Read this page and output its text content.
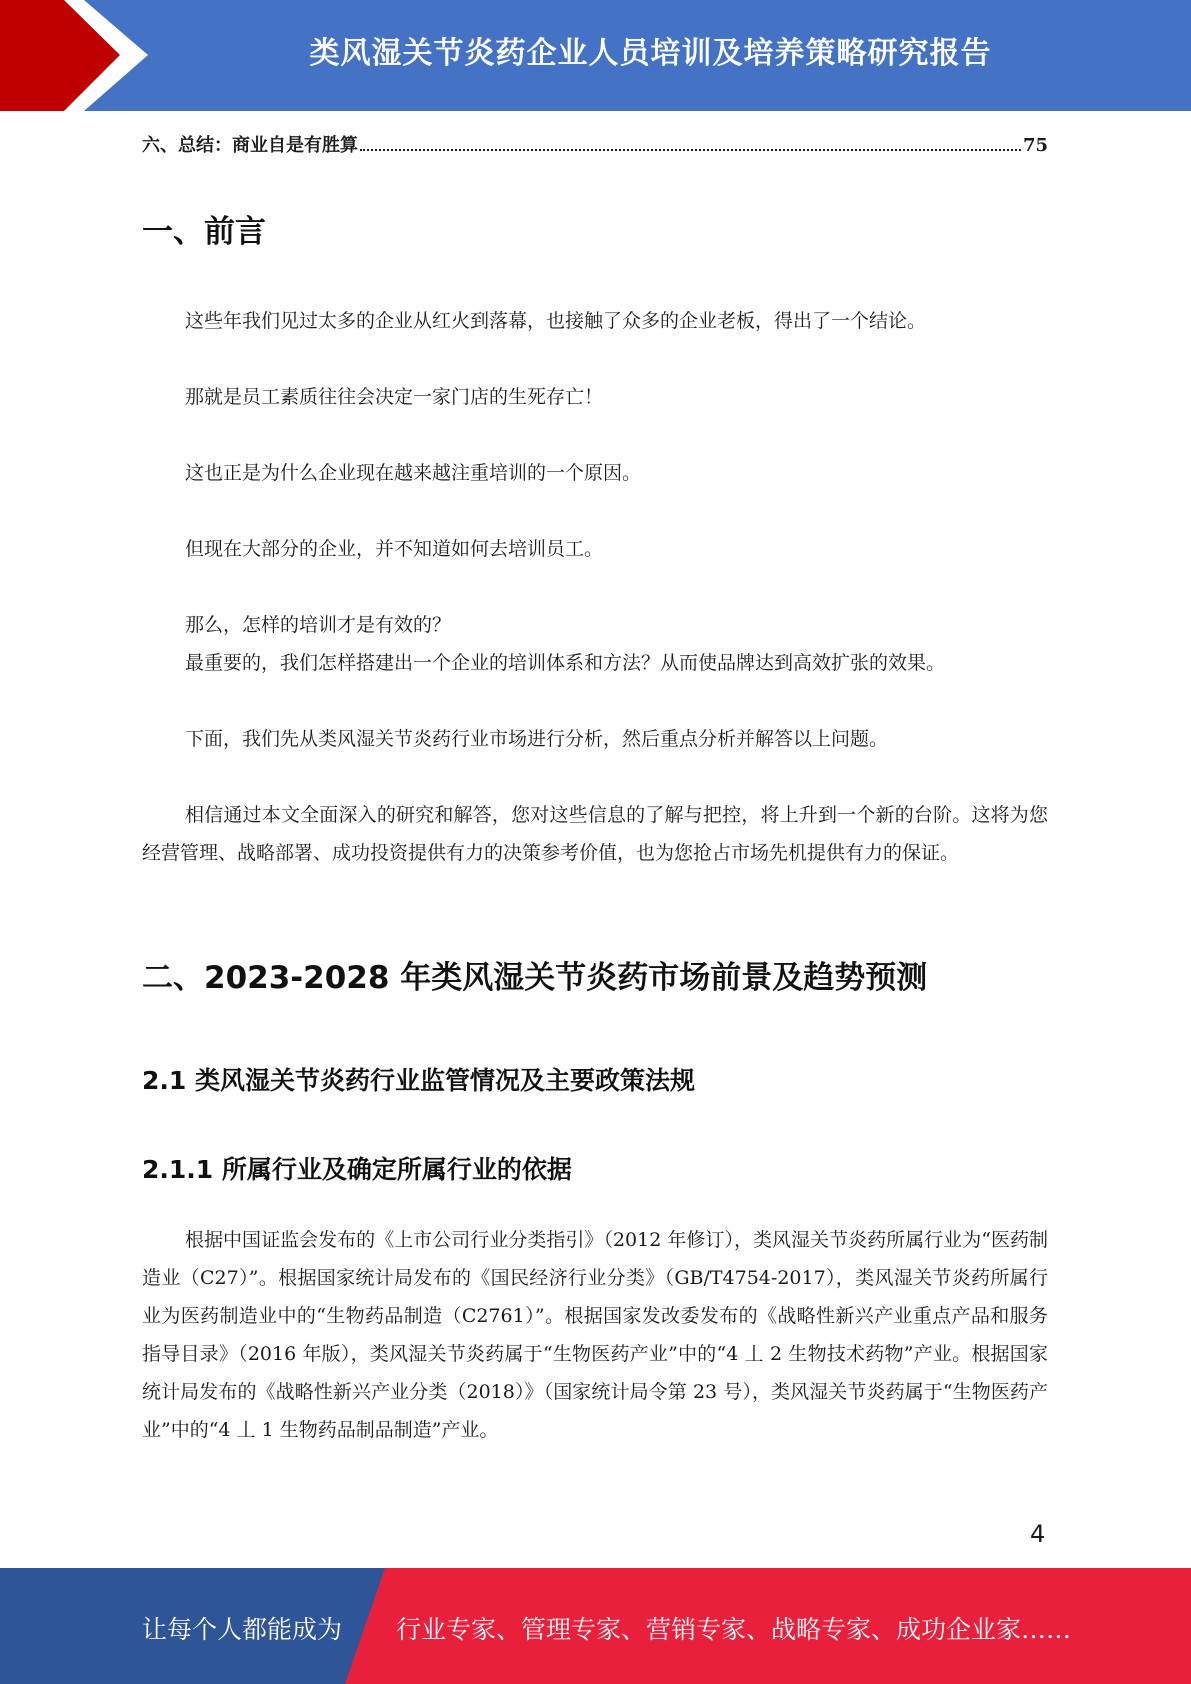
类风湿关节炎药企业人员培训及培养策略研究报告
六、总结：商业自是有胜算	75
一、前言

这些年我们见过太多的企业从红火到落幕，也接触了众多的企业老板，得出了一个结论。

那就是员工素质往往会决定一家门店的生死存亡！

这也正是为什么企业现在越来越注重培训的一个原因。

但现在大部分的企业，并不知道如何去培训员工。

那么，怎样的培训才是有效的？

最重要的，我们怎样搭建出一个企业的培训体系和方法？从而使品牌达到高效扩张的效果。

下面，我们先从类风湿关节炎药行业市场进行分析，然后重点分析并解答以上问题。

相信通过本文全面深入的研究和解答，您对这些信息的了解与把控，将上升到一个新的台阶。这将为您经营管理、战略部署、成功投资提供有力的决策参考价值，也为您抢占市场先机提供有力的保证。

二、2023-2028 年类风湿关节炎药市场前景及趋势预测
2.1 类风湿关节炎药行业监管情况及主要政策法规
2.1.1 所属行业及确定所属行业的依据

根据中国证监会发布的《上市公司行业分类指引》（2012 年修订），类风湿关节炎药所属行业为“医药制造业（C27）”。根据国家统计局发布的《国民经济行业分类》（GB/T4754-2017），类风湿关节炎药所属行业为医药制造业中的“生物药品制造（C2761）”。根据国家发改委发布的《战略性新兴产业重点产品和服务指导目录》（2016 年版），类风湿关节炎药属于“生物医药产业”中的“4 丄 2 生物技术药物”产业。根据国家统计局发布的《战略性新兴产业分类（2018）》（国家统计局令第 23 号），类风湿关节炎药属于“生物医药产业”中的“4 丄 1 生物药品制品制造”产业。

4
让每个人都能成为 行业专家、管理专家、营销专家、战略专家、成功企业家……
